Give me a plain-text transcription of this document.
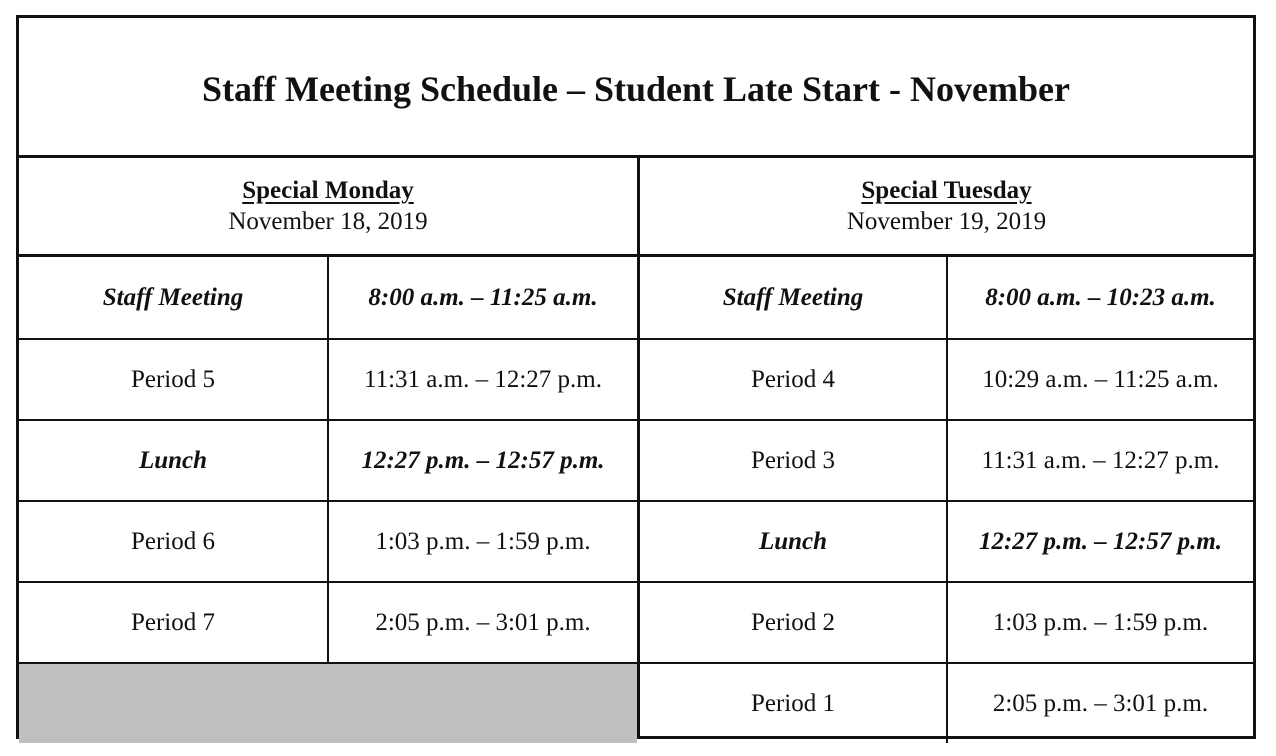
Staff Meeting Schedule – Student Late Start - November
Special Monday
November 18, 2019
Staff Meeting	8:00 a.m. – 11:25 a.m.
Period 5	11:31 a.m. – 12:27 p.m.
Lunch	12:27 p.m. – 12:57 p.m.
Period 6	1:03 p.m. – 1:59 p.m.
Period 7	2:05 p.m. – 3:01 p.m.
Special Tuesday
November 19, 2019
Staff Meeting	8:00 a.m. – 10:23 a.m.
Period 4	10:29 a.m. – 11:25 a.m.
Period 3	11:31 a.m. – 12:27 p.m.
Lunch	12:27 p.m. – 12:57 p.m.
Period 2	1:03 p.m. – 1:59 p.m.
Period 1	2:05 p.m. – 3:01 p.m.
